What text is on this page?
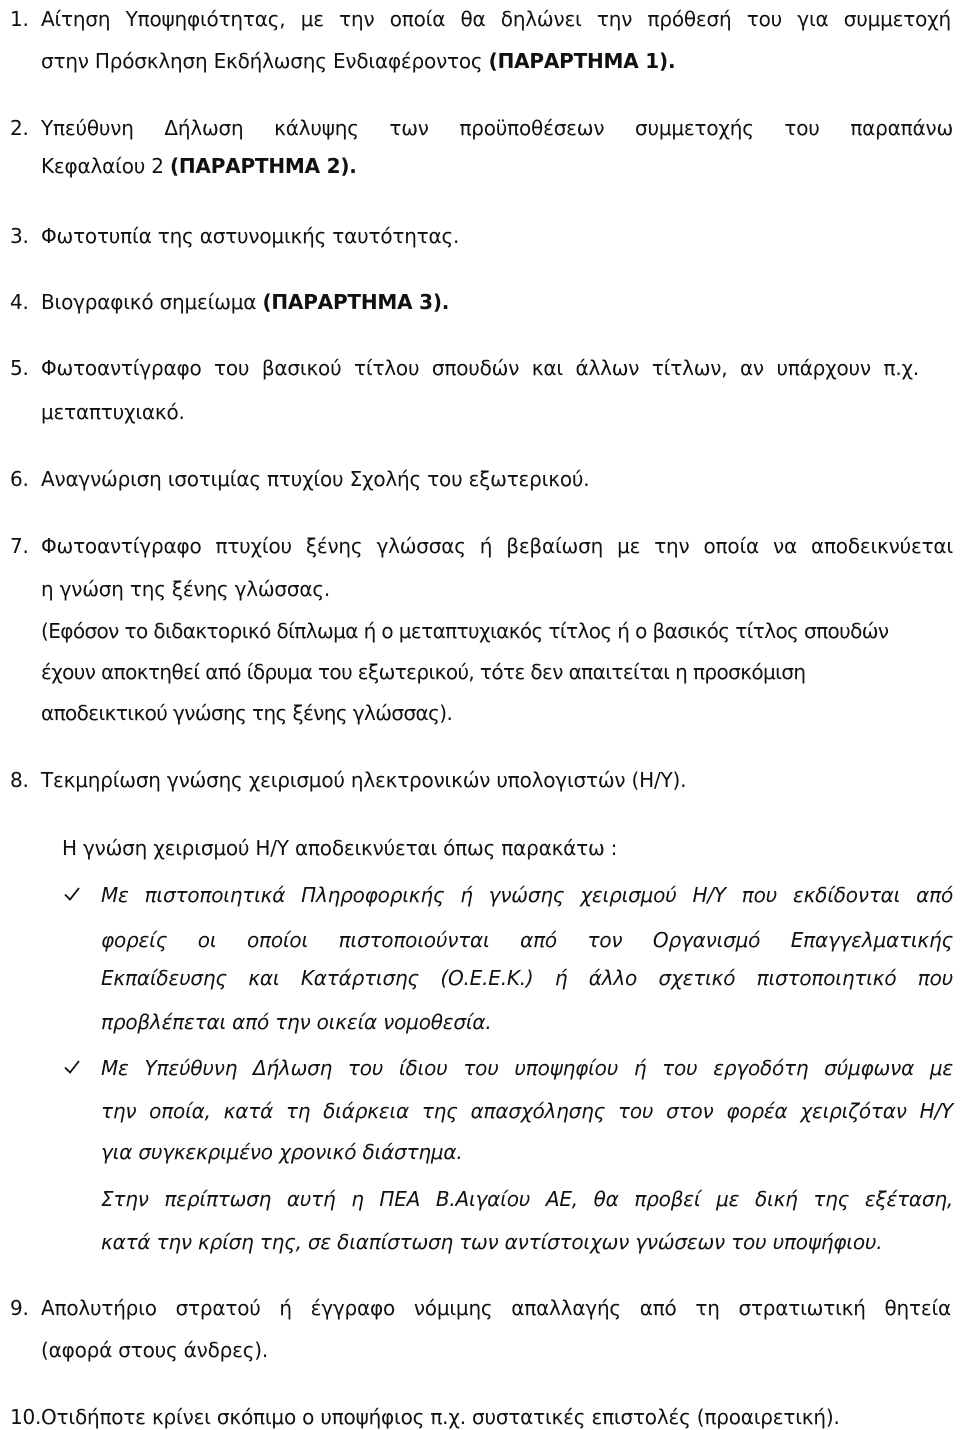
1. Αίτηση Υποψηφιότητας, με την οποία θα δηλώνει την πρόθεσή του για συμμετοχή
στην Πρόσκληση Εκδήλωσης Ενδιαφέροντος (ΠΑΡΑΡΤΗΜΑ 1).
2. Υπεύθυνη Δήλωση κάλυψης των προϋποθέσεων συμμετοχής του παραπάνω
Κεφαλαίου 2 (ΠΑΡΑΡΤΗΜΑ 2).
3. Φωτοτυπία της αστυνομικής ταυτότητας.
4. Βιογραφικό σημείωμα (ΠΑΡΑΡΤΗΜΑ 3).
5. Φωτοαντίγραφο του βασικού τίτλου σπουδών και άλλων τίτλων, αν υπάρχουν π.χ.
μεταπτυχιακό.
6. Αναγνώριση ισοτιμίας πτυχίου Σχολής του εξωτερικού.
7. Φωτοαντίγραφο πτυχίου ξένης γλώσσας ή βεβαίωση με την οποία να αποδεικνύεται
η γνώση της ξένης γλώσσας.
(Εφόσον το διδακτορικό δίπλωμα ή ο μεταπτυχιακός τίτλος ή ο βασικός τίτλος σπουδών
έχουν αποκτηθεί από ίδρυμα του εξωτερικού, τότε δεν απαιτείται η προσκόμιση
αποδεικτικού γνώσης της ξένης γλώσσας).
8. Τεκμηρίωση γνώσης χειρισμού ηλεκτρονικών υπολογιστών (Η/Υ).
Η γνώση χειρισμού Η/Υ αποδεικνύεται όπως παρακάτω :
Με πιστοποιητικά Πληροφορικής ή γνώσης χειρισμού Η/Υ που εκδίδονται από
φορείς οι οποίοι πιστοποιούνται από τον Οργανισμό Επαγγελματικής
Εκπαίδευσης και Κατάρτισης (Ο.Ε.Ε.Κ.) ή άλλο σχετικό πιστοποιητικό που
προβλέπεται από την οικεία νομοθεσία.
Με Υπεύθυνη Δήλωση του ίδιου του υποψηφίου ή του εργοδότη σύμφωνα με
την οποία, κατά τη διάρκεια της απασχόλησης του στον φορέα χειριζόταν Η/Υ
για συγκεκριμένο χρονικό διάστημα.
Στην περίπτωση αυτή η ΠΕΑ Β.Αιγαίου ΑΕ, θα προβεί με δική της εξέταση,
κατά την κρίση της, σε διαπίστωση των αντίστοιχων γνώσεων του υποψήφιου.
9. Απολυτήριο στρατού ή έγγραφο νόμιμης απαλλαγής από τη στρατιωτική θητεία
(αφορά στους άνδρες).
10. Οτιδήποτε κρίνει σκόπιμο ο υποψήφιος π.χ. συστατικές επιστολές (προαιρετική).
